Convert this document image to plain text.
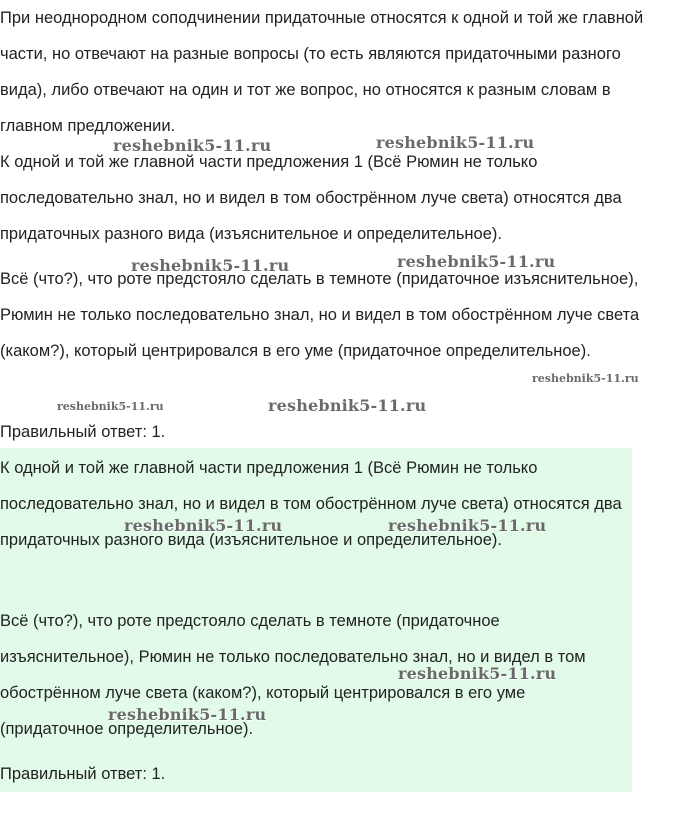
При неоднородном соподчинении придаточные относятся к одной и той же главной части, но отвечают на разные вопросы (то есть являются придаточными разного вида), либо отвечают на один и тот же вопрос, но относятся к разным словам в главном предложении.

К одной и той же главной части предложения 1 (Всё Рюмин не только последовательно знал, но и видел в том обострённом луче света) относятся два придаточных разного вида (изъяснительное и определительное).

Всё (что?), что роте предстояло сделать в темноте (придаточное изъяснительное), Рюмин не только последовательно знал, но и видел в том обострённом луче света (каком?), который центрировался в его уме (придаточное определительное).

Правильный ответ: 1.

К одной и той же главной части предложения 1 (Всё Рюмин не только последовательно знал, но и видел в том обострённом луче света) относятся два придаточных разного вида (изъяснительное и определительное).

Всё (что?), что роте предстояло сделать в темноте (придаточное изъяснительное), Рюмин не только последовательно знал, но и видел в том обострённом луче света (каком?), который центрировался в его уме (придаточное определительное).

Правильный ответ: 1.

reshebnik5-11.ru	reshebnik5-11.ru
reshebnik5-11.ru	reshebnik5-11.ru
reshebnik5-11.ru
reshebnik5-11.ru	reshebnik5-11.ru
reshebnik5-11.ru	reshebnik5-11.ru
reshebnik5-11.ru
reshebnik5-11.ru
